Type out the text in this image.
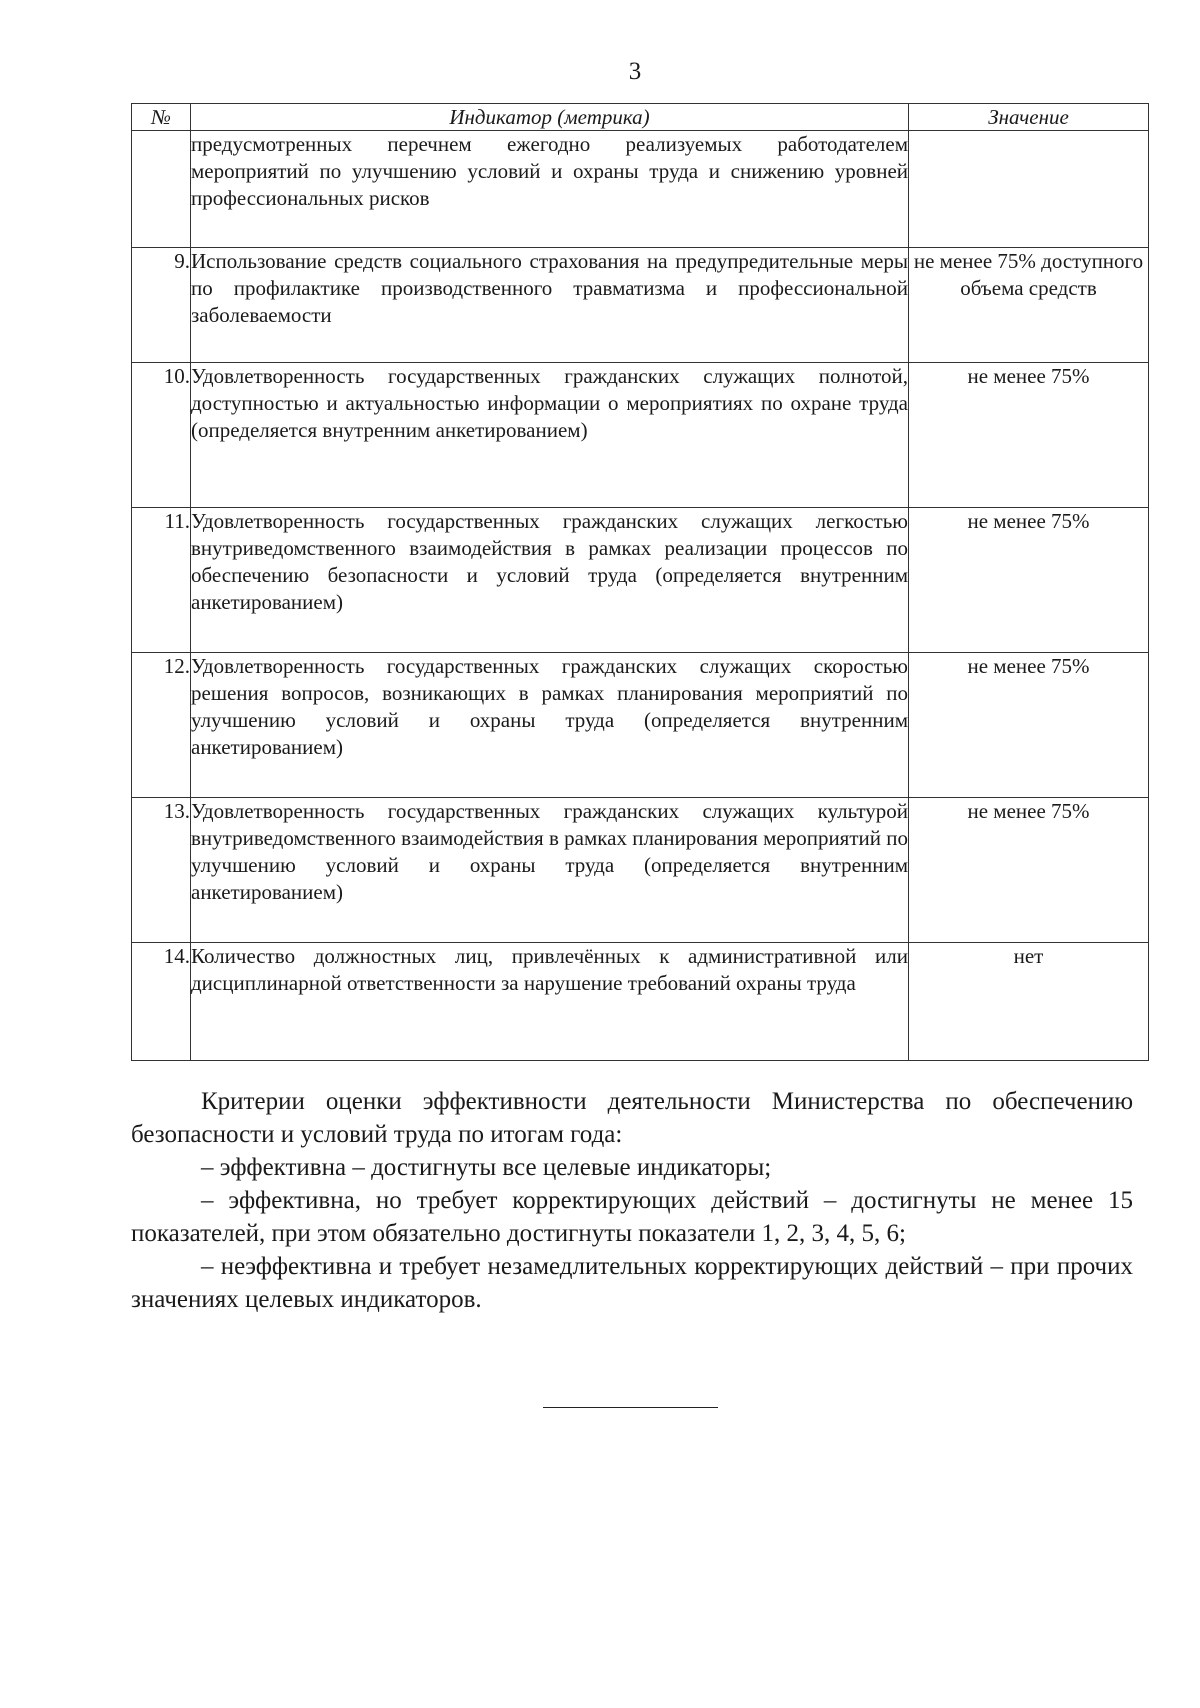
3
№	Индикатор (метрика)	Значение
	предусмотренных перечнем ежегодно реализуемых работодателем мероприятий по улучшению условий и охраны труда и снижению уровней профессиональных рисков	
9.	Использование средств социального страхования на предупредительные меры по профилактике производственного травматизма и профессиональной заболеваемости	не менее 75% доступного объема средств
10.	Удовлетворенность государственных гражданских служащих полнотой, доступностью и актуальностью информации о мероприятиях по охране труда (определяется внутренним анкетированием)	не менее 75%
11.	Удовлетворенность государственных гражданских служащих легкостью внутриведомственного взаимодействия в рамках реализации процессов по обеспечению безопасности и условий труда (определяется внутренним анкетированием)	не менее 75%
12.	Удовлетворенность государственных гражданских служащих скоростью решения вопросов, возникающих в рамках планирования мероприятий по улучшению условий и охраны труда (определяется внутренним анкетированием)	не менее 75%
13.	Удовлетворенность государственных гражданских служащих культурой внутриведомственного взаимодействия в рамках планирования мероприятий по улучшению условий и охраны труда (определяется внутренним анкетированием)	не менее 75%
14.	Количество должностных лиц, привлечённых к административной или дисциплинарной ответственности за нарушение требований охраны труда	нет

Критерии оценки эффективности деятельности Министерства по обеспечению безопасности и условий труда по итогам года:

– эффективна – достигнуты все целевые индикаторы;

– эффективна, но требует корректирующих действий – достигнуты не менее 15 показателей, при этом обязательно достигнуты показатели 1, 2, 3, 4, 5, 6;

– неэффективна и требует незамедлительных корректирующих действий – при прочих значениях целевых индикаторов.
